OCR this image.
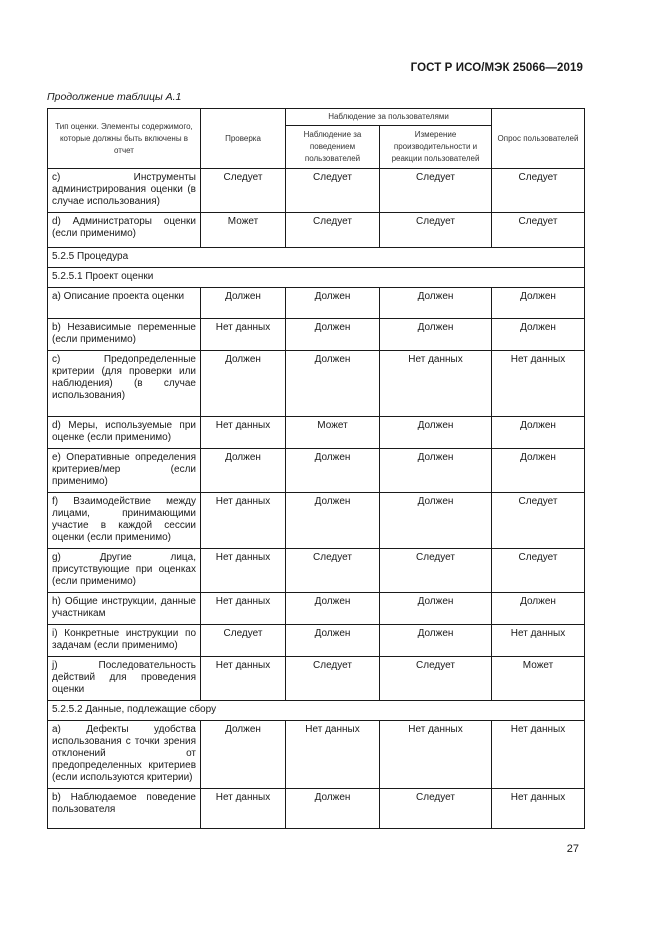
ГОСТ Р ИСО/МЭК 25066—2019
Продолжение таблицы А.1
Тип оценки. Элементы содержимого, которые должны быть включены в отчет	Проверка	Наблюдение за пользователями		Опрос пользователей
		Наблюдение за поведением пользователей	Измерение производительности и реакции пользователей	
c) Инструменты администрирования оценки (в случае использования)	Следует	Следует	Следует	Следует
d) Администраторы оценки (если применимо)	Может	Следует	Следует	Следует
5.2.5 Процедура				
5.2.5.1 Проект оценки				
a) Описание проекта оценки	Должен	Должен	Должен	Должен
b) Независимые переменные (если применимо)	Нет данных	Должен	Должен	Должен
c) Предопределенные критерии (для проверки или наблюдения) (в случае использования)	Должен	Должен	Нет данных	Нет данных
d) Меры, используемые при оценке (если применимо)	Нет данных	Может	Должен	Должен
e) Оперативные определения критериев/мер (если применимо)	Должен	Должен	Должен	Должен
f) Взаимодействие между лицами, принимающими участие в каждой сессии оценки (если применимо)	Нет данных	Должен	Должен	Следует
g) Другие лица, присутствующие при оценках (если применимо)	Нет данных	Следует	Следует	Следует
h) Общие инструкции, данные участникам	Нет данных	Должен	Должен	Должен
i) Конкретные инструкции по задачам (если применимо)	Следует	Должен	Должен	Нет данных
j) Последовательность действий для проведения оценки	Нет данных	Следует	Следует	Может
5.2.5.2 Данные, подлежащие сбору				
a) Дефекты удобства использования с точки зрения отклонений от предопределенных критериев (если используются критерии)	Должен	Нет данных	Нет данных	Нет данных
b) Наблюдаемое поведение пользователя	Нет данных	Должен	Следует	Нет данных
27
